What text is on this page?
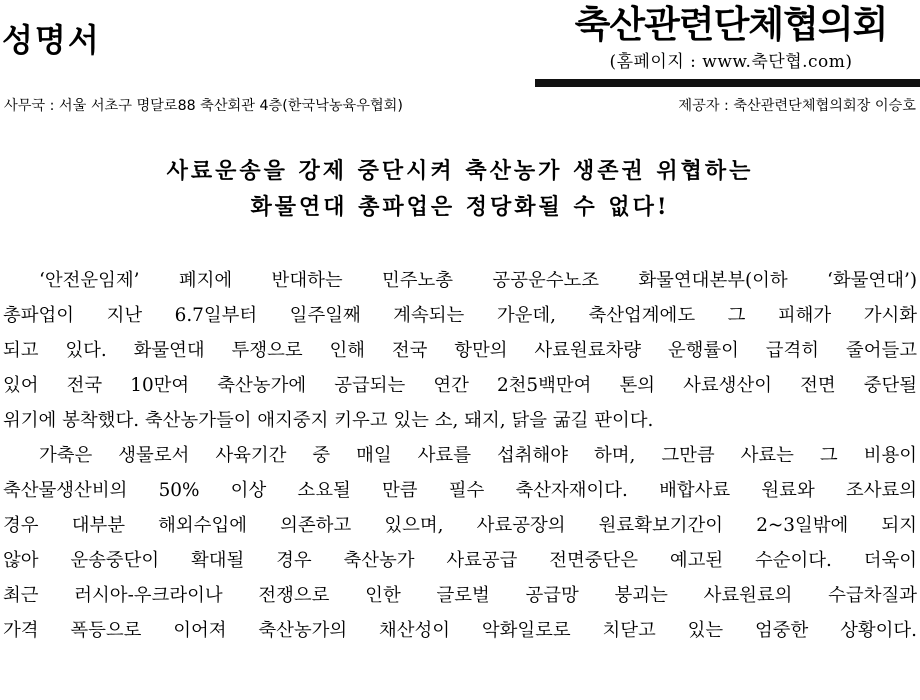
성명서	축산관련단체협의회
(홈페이지 : www.축단협.com)
사무국 : 서울 서초구 명달로88 축산회관 4층(한국낙농육우협회)	제공자 : 축산관련단체협의회장 이승호
사료운송을 강제 중단시켜 축산농가 생존권 위협하는
화물연대 총파업은 정당화될 수 없다!
‘안전운임제’ 폐지에 반대하는 민주노총 공공운수노조 화물연대본부(이하 ‘화물연대’)
총파업이 지난 6.7일부터 일주일째 계속되는 가운데, 축산업계에도 그 피해가 가시화
되고 있다. 화물연대 투쟁으로 인해 전국 항만의 사료원료차량 운행률이 급격히 줄어들고
있어 전국 10만여 축산농가에 공급되는 연간 2천5백만여 톤의 사료생산이 전면 중단될
위기에 봉착했다. 축산농가들이 애지중지 키우고 있는 소, 돼지, 닭을 굶길 판이다.
가축은 생물로서 사육기간 중 매일 사료를 섭취해야 하며, 그만큼 사료는 그 비용이
축산물생산비의 50% 이상 소요될 만큼 필수 축산자재이다. 배합사료 원료와 조사료의
경우 대부분 해외수입에 의존하고 있으며, 사료공장의 원료확보기간이 2~3일밖에 되지
않아 운송중단이 확대될 경우 축산농가 사료공급 전면중단은 예고된 수순이다. 더욱이
최근 러시아-우크라이나 전쟁으로 인한 글로벌 공급망 붕괴는 사료원료의 수급차질과
가격 폭등으로 이어져 축산농가의 채산성이 악화일로로 치닫고 있는 엄중한 상황이다.
